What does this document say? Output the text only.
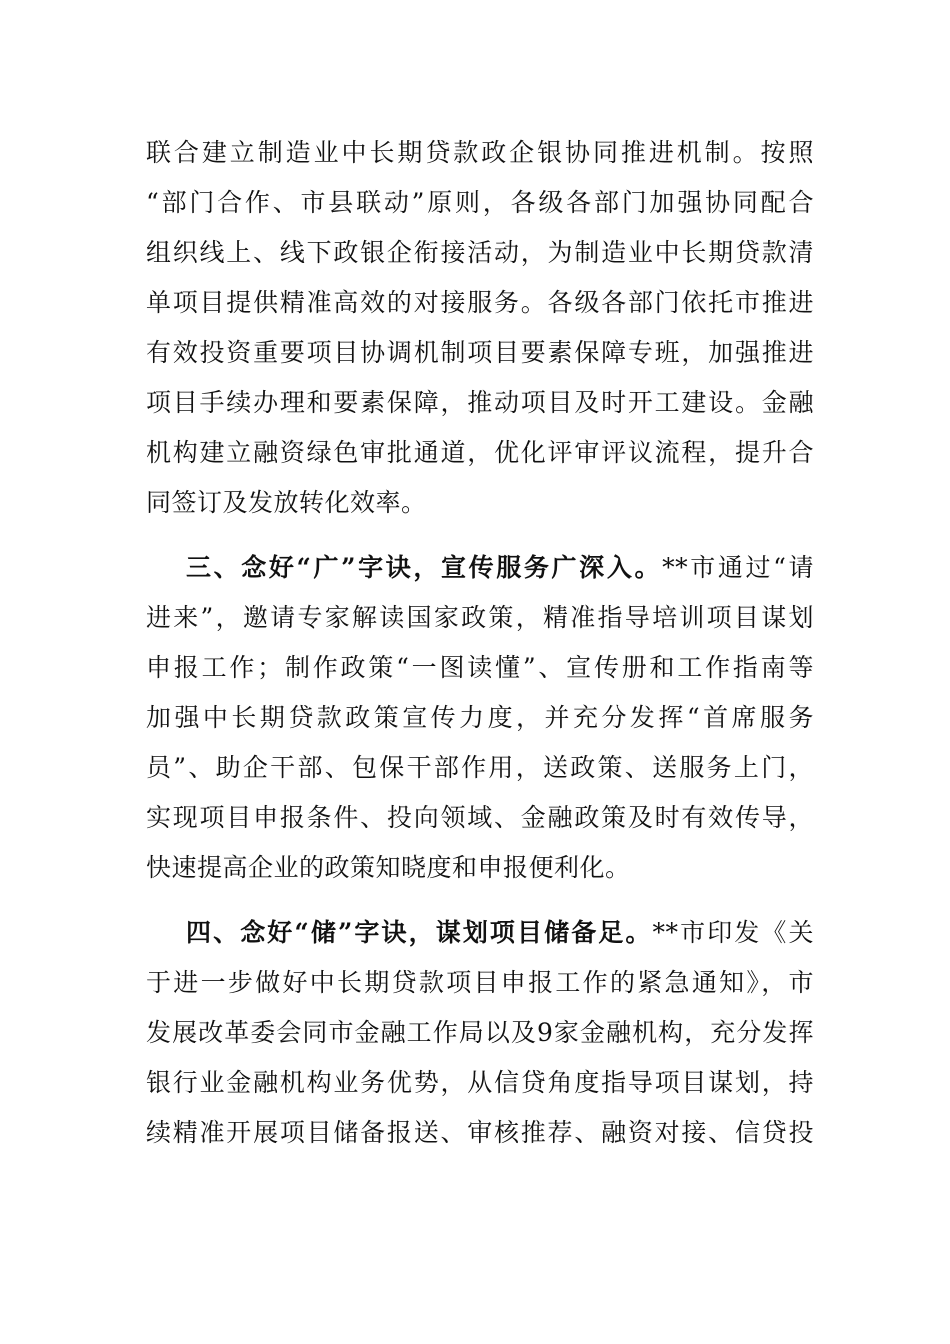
联合建立制造业中长期贷款政企银协同推进机制。按照
“部门合作、市县联动”原则，各级各部门加强协同配合
组织线上、线下政银企衔接活动，为制造业中长期贷款清
单项目提供精准高效的对接服务。各级各部门依托市推进
有效投资重要项目协调机制项目要素保障专班，加强推进
项目手续办理和要素保障，推动项目及时开工建设。金融
机构建立融资绿色审批通道，优化评审评议流程，提升合
同签订及发放转化效率。
三、念好“广”字诀，宣传服务广深入。**市通过“请
进来”，邀请专家解读国家政策，精准指导培训项目谋划
申报工作；制作政策“一图读懂”、宣传册和工作指南等
加强中长期贷款政策宣传力度，并充分发挥“首席服务
员”、助企干部、包保干部作用，送政策、送服务上门，
实现项目申报条件、投向领域、金融政策及时有效传导，
快速提高企业的政策知晓度和申报便利化。
四、念好“储”字诀，谋划项目储备足。**市印发《关
于进一步做好中长期贷款项目申报工作的紧急通知》，市
发展改革委会同市金融工作局以及9家金融机构，充分发挥
银行业金融机构业务优势，从信贷角度指导项目谋划，持
续精准开展项目储备报送、审核推荐、融资对接、信贷投
